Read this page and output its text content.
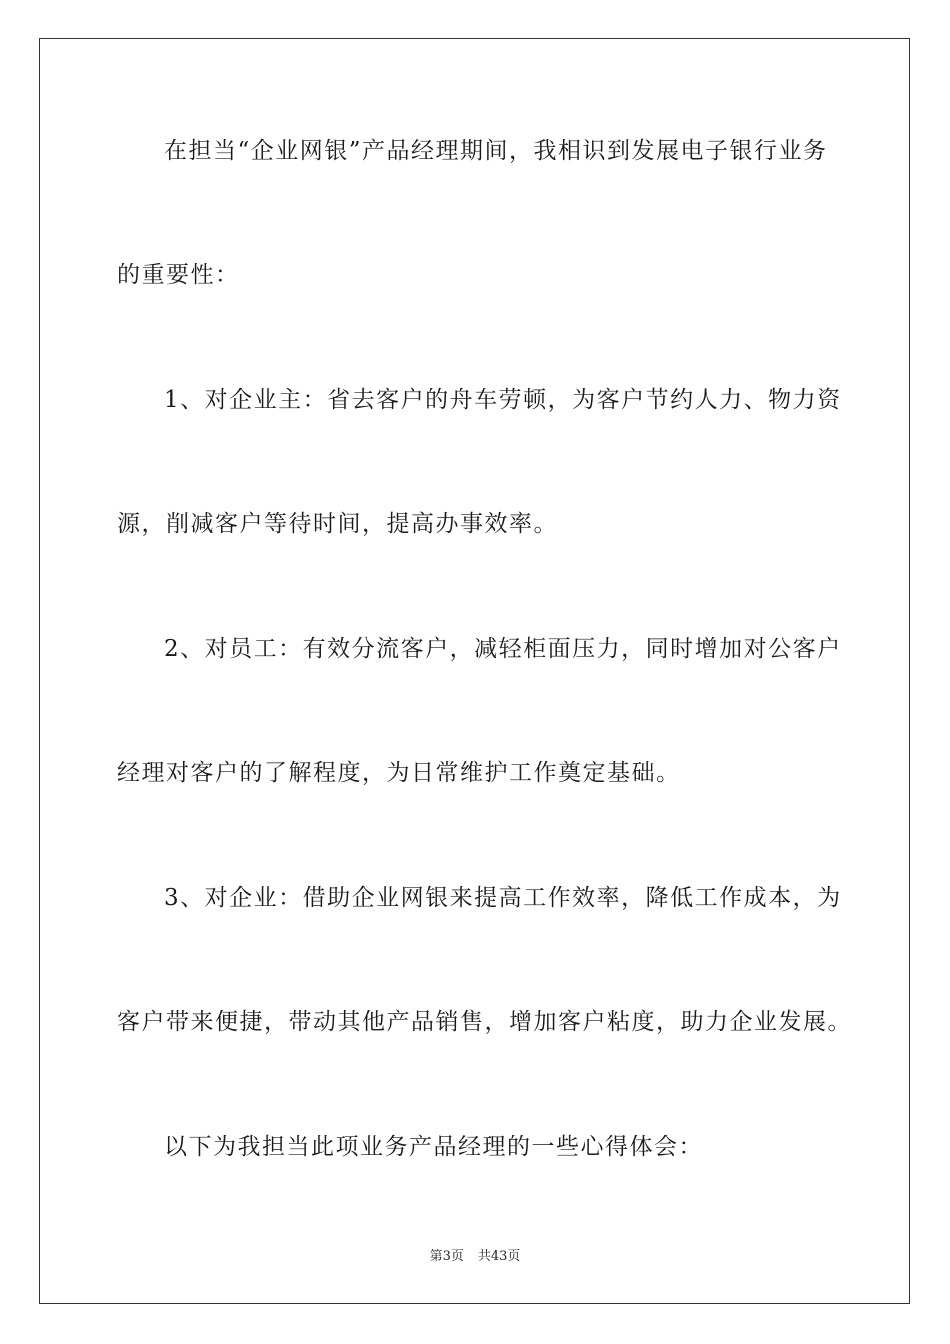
在担当“企业网银”产品经理期间，我相识到发展电子银行业务
的重要性：
1、对企业主：省去客户的舟车劳顿，为客户节约人力、物力资
源，削减客户等待时间，提高办事效率。
2、对员工：有效分流客户，减轻柜面压力，同时增加对公客户
经理对客户的了解程度，为日常维护工作奠定基础。
3、对企业：借助企业网银来提高工作效率，降低工作成本，为
客户带来便捷，带动其他产品销售，增加客户粘度，助力企业发展。
以下为我担当此项业务产品经理的一些心得体会：
第3页 共43页
